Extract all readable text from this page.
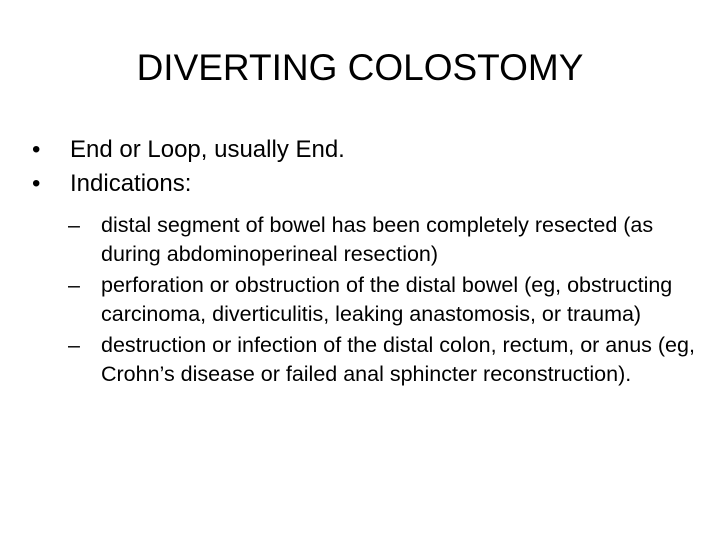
DIVERTING COLOSTOMY
•	End or Loop, usually End.
•	Indications:
– distal segment of bowel has been completely resected (as during abdominoperineal resection)
– perforation or obstruction of the distal bowel (eg, obstructing carcinoma, diverticulitis, leaking anastomosis, or trauma)
– destruction or infection of the distal colon, rectum, or anus (eg, Crohn’s disease or failed anal sphincter reconstruction).
